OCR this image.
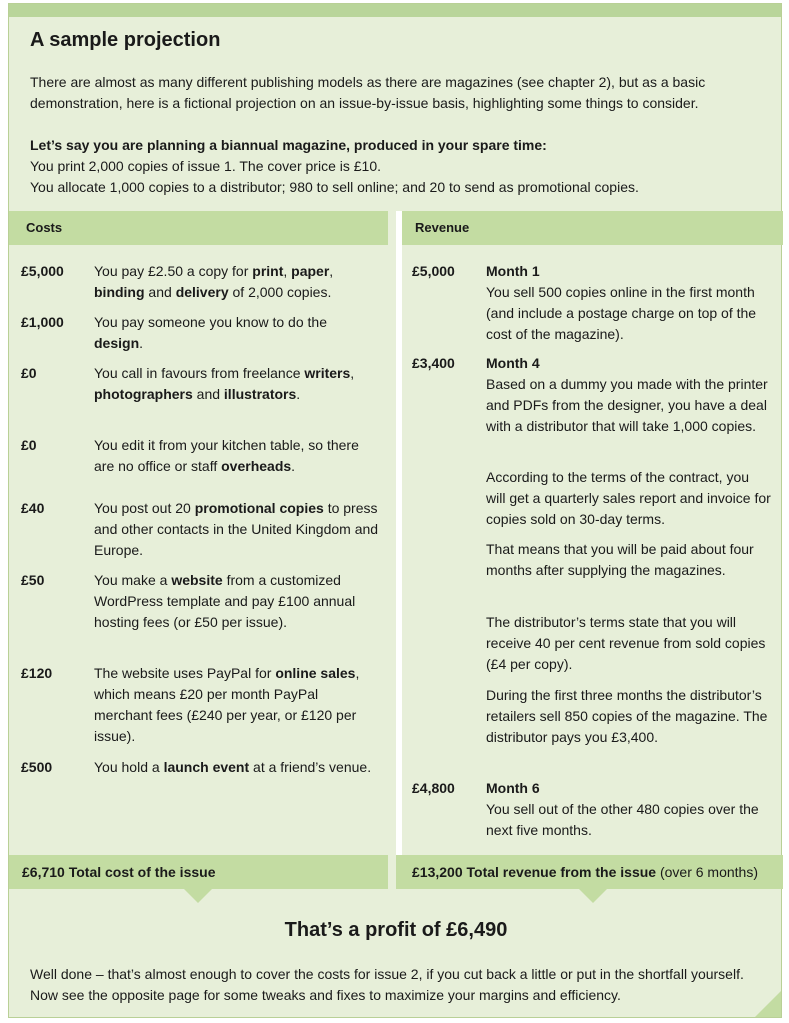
A sample projection

There are almost as many different publishing models as there are magazines (see chapter 2), but as a basic demonstration, here is a fictional projection on an issue-by-issue basis, highlighting some things to consider.

Let’s say you are planning a biannual magazine, produced in your spare time:
You print 2,000 copies of issue 1. The cover price is £10.
You allocate 1,000 copies to a distributor; 980 to sell online; and 20 to send as promotional copies.

Costs	Revenue
£5,000 You pay £2.50 a copy for print, paper, binding and delivery of 2,000 copies.
£1,000 You pay someone you know to do the design.
£0	You call in favours from freelance writers, photographers and illustrators.
£0	You edit it from your kitchen table, so there are no office or staff overheads.
£40	You post out 20 promotional copies to press and other contacts in the United Kingdom and Europe.
£50	You make a website from a customized WordPress template and pay £100 annual hosting fees (or £50 per issue).
£120	The website uses PayPal for online sales, which means £20 per month PayPal merchant fees (£240 per year, or £120 per issue).
£500	You hold a launch event at a friend’s venue.
£5,000 Month 1
You sell 500 copies online in the first month (and include a postage charge on top of the cost of the magazine).
£3,400 Month 4
Based on a dummy you made with the printer and PDFs from the designer, you have a deal with a distributor that will take 1,000 copies.
According to the terms of the contract, you will get a quarterly sales report and invoice for copies sold on 30-day terms.
That means that you will be paid about four months after supplying the magazines.
The distributor’s terms state that you will receive 40 per cent revenue from sold copies (£4 per copy).
During the first three months the distributor’s retailers sell 850 copies of the magazine. The distributor pays you £3,400.
£4,800 Month 6
You sell out of the other 480 copies over the next five months.
£6,710 Total cost of the issue	£13,200 Total revenue from the issue (over 6 months)
That’s a profit of £6,490

Well done – that’s almost enough to cover the costs for issue 2, if you cut back a little or put in the shortfall yourself. Now see the opposite page for some tweaks and fixes to maximize your margins and efficiency.
